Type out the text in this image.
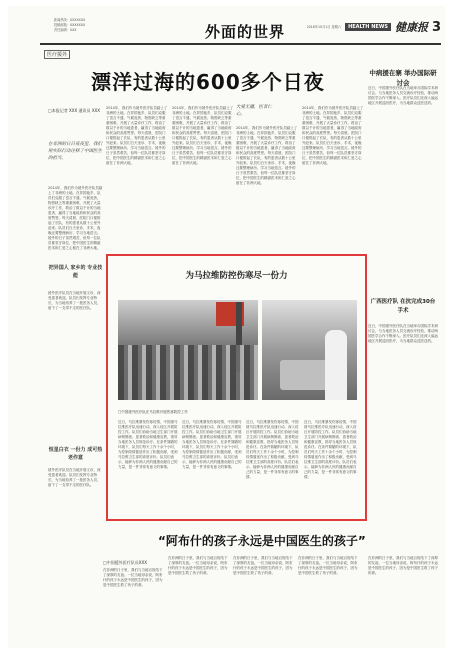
新闻热线：XXXXXXX
投稿邮箱：XXXXXXX
责任编辑：XXX	外面的世界	2016年10月1日 星期六	HEALTH NEWS 健康报 3
医疗援外
漂洋过海的600多个日夜	中病援在寨 举办国际研讨会
□本报记者 XXX 通讯员 XXX
在非洲的日日夜夜里，我们用实际行动诠释了中国医生的担当。
大爱无疆，医者仁心。
2014年，我们作为援外医疗队员踏上了非洲的土地。在异国他乡，队员们克服了语言不通、气候炎热、物资缺乏等重重困难，开展了大量诊疗工作，救治了数以千计的当地患者，赢得了当地政府和民众的高度赞誉。每天清晨，医院门口便排起了长队，有的患者从数十公里外赶来。队员们白天坐诊、手术，夜晚还要整理病历、学习当地语言。援外的日子虽然艰苦，但每一位队员都坚守岗位，把中国医生的精湛医术和仁爱之心留在了非洲大地。
2014年，我们作为援外医疗队员踏上了非洲的土地。在异国他乡，队员们克服了语言不通、气候炎热、物资缺乏等重重困难，开展了大量诊疗工作，救治了数以千计的当地患者，赢得了当地政府和民众的高度赞誉。每天清晨，医院门口便排起了长队，有的患者从数十公里外赶来。队员们白天坐诊、手术，夜晚还要整理病历、学习当地语言。援外的日子虽然艰苦，但每一位队员都坚守岗位，把中国医生的精湛医术和仁爱之心留在了非洲大地。
2014年，我们作为援外医疗队员踏上了非洲的土地。在异国他乡，队员们克服了语言不通、气候炎热、物资缺乏等重重困难，开展了大量诊疗工作，救治了数以千计的当地患者，赢得了当地政府和民众的高度赞誉。每天清晨，医院门口便排起了长队，有的患者从数十公里外赶来。队员们白天坐诊、手术，夜晚还要整理病历、学习当地语言。援外的日子虽然艰苦，但每一位队员都坚守岗位，把中国医生的精湛医术和仁爱之心留在了非洲大地。
2014年，我们作为援外医疗队员踏上了非洲的土地。在异国他乡，队员们克服了语言不通、气候炎热、物资缺乏等重重困难，开展了大量诊疗工作，救治了数以千计的当地患者，赢得了当地政府和民众的高度赞誉。每天清晨，医院门口便排起了长队，有的患者从数十公里外赶来。队员们白天坐诊、手术，夜晚还要整理病历、学习当地语言。援外的日子虽然艰苦，但每一位队员都坚守岗位，把中国医生的精湛医术和仁爱之心留在了非洲大地。
2014年，我们作为援外医疗队员踏上了非洲的土地。在异国他乡，队员们克服了语言不通、气候炎热、物资缺乏等重重困难，开展了大量诊疗工作，救治了数以千计的当地患者，赢得了当地政府和民众的高度赞誉。每天清晨，医院门口便排起了长队，有的患者从数十公里外赶来。队员们白天坐诊、手术，夜晚还要整理病历、学习当地语言。援外的日子虽然艰苦，但每一位队员都坚守岗位，把中国医生的精湛医术和仁爱之心留在了非洲大地。
近日，中国援外医疗队在当地举办国际学术研讨会，与当地医务人员交流诊疗经验，推动两国医学合作不断深入。医疗队员们还深入偏远地区开展巡回医疗，为当地群众送医送药。
广西医疗队 在抗完成30台手术
近日，中国援外医疗队在当地举办国际学术研讨会，与当地医务人员交流诊疗经验，推动两国医学合作不断深入。医疗队员们还深入偏远地区开展巡回医疗，为当地群众送医送药。
把异国人 家乡的 专业技能
援外医疗队员在当地开展义诊，深受患者欢迎。队员们发挥专业特长，为当地培养了一批医务人员，留下了一支带不走的医疗队。
恒星白衣 一份力 成可热老作意
援外医疗队员在当地开展义诊，深受患者欢迎。队员们发挥专业特长，为当地培养了一批医务人员，留下了一支带不走的医疗队。
为马拉维防控伤寒尽一份力
□中国援外医疗队在马拉维开展伤寒防控工作
近日，马拉维暴发伤寒疫情，中国援马拉维医疗队迅速行动，深入疫区开展防控工作。队员们协助当地卫生部门开展病例筛查、患者救治和健康宣教，指导当地医务人员规范诊疗。在条件简陋的环境下，队员们每天工作十余个小时，为控制疫情蔓延作出了积极贡献，受到马拉维卫生部的高度评价。队员们表示，能够为非洲人民的健康贡献自己的力量，是一件非常有意义的事情。
近日，马拉维暴发伤寒疫情，中国援马拉维医疗队迅速行动，深入疫区开展防控工作。队员们协助当地卫生部门开展病例筛查、患者救治和健康宣教，指导当地医务人员规范诊疗。在条件简陋的环境下，队员们每天工作十余个小时，为控制疫情蔓延作出了积极贡献，受到马拉维卫生部的高度评价。队员们表示，能够为非洲人民的健康贡献自己的力量，是一件非常有意义的事情。
近日，马拉维暴发伤寒疫情，中国援马拉维医疗队迅速行动，深入疫区开展防控工作。队员们协助当地卫生部门开展病例筛查、患者救治和健康宣教，指导当地医务人员规范诊疗。在条件简陋的环境下，队员们每天工作十余个小时，为控制疫情蔓延作出了积极贡献，受到马拉维卫生部的高度评价。队员们表示，能够为非洲人民的健康贡献自己的力量，是一件非常有意义的事情。
近日，马拉维暴发伤寒疫情，中国援马拉维医疗队迅速行动，深入疫区开展防控工作。队员们协助当地卫生部门开展病例筛查、患者救治和健康宣教，指导当地医务人员规范诊疗。在条件简陋的环境下，队员们每天工作十余个小时，为控制疫情蔓延作出了积极贡献，受到马拉维卫生部的高度评价。队员们表示，能够为非洲人民的健康贡献自己的力量，是一件非常有意义的事情。
“阿布什的孩子永远是中国医生的孩子”
□中国援外医疗队员XXX
在非洲的日子里，我们与当地百姓结下了深厚的友谊。一位当地母亲说，阿布什的孩子永远是中国医生的孩子，因为是中国医生救了孩子的命。
在非洲的日子里，我们与当地百姓结下了深厚的友谊。一位当地母亲说，阿布什的孩子永远是中国医生的孩子，因为是中国医生救了孩子的命。
在非洲的日子里，我们与当地百姓结下了深厚的友谊。一位当地母亲说，阿布什的孩子永远是中国医生的孩子，因为是中国医生救了孩子的命。
在非洲的日子里，我们与当地百姓结下了深厚的友谊。一位当地母亲说，阿布什的孩子永远是中国医生的孩子，因为是中国医生救了孩子的命。
在非洲的日子里，我们与当地百姓结下了深厚的友谊。一位当地母亲说，阿布什的孩子永远是中国医生的孩子，因为是中国医生救了孩子的命。
